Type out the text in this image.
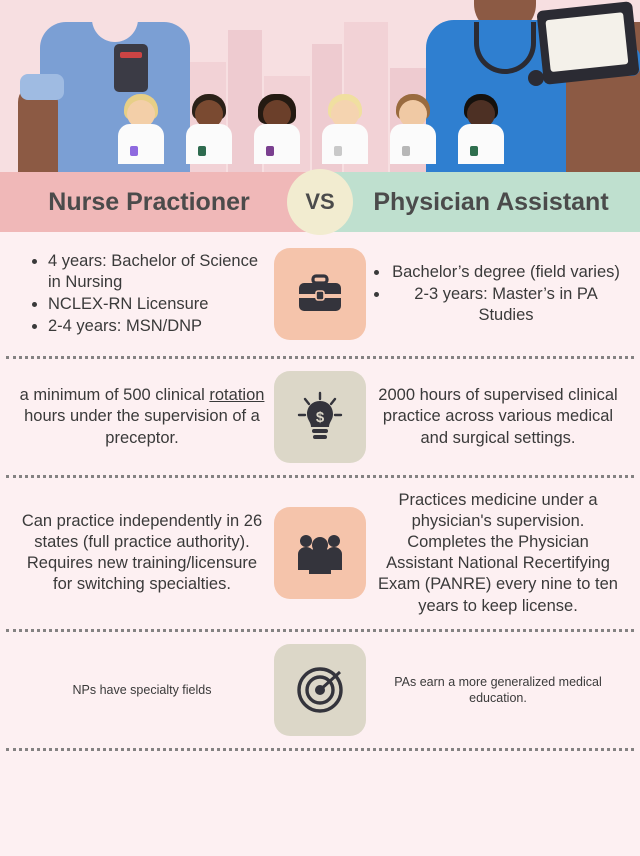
Nurse Practioner	Physician Assistant
VS
• 4 years: Bachelor of Science in Nursing
• NCLEX-RN Licensure
• 2-4 years: MSN/DNP
• Bachelor’s degree (field varies)
• 2-3 years: Master’s in PA Studies
a minimum of 500 clinical rotation hours under the supervision of a preceptor.
$
2000 hours of supervised clinical practice across various medical and surgical settings.
Can practice independently in 26 states (full practice authority). Requires new training/licensure for switching specialties.
Practices medicine under a physician's supervision. Completes the Physician Assistant National Recertifying Exam (PANRE) every nine to ten years to keep license.
NPs have specialty fields
PAs earn a more generalized medical education.
